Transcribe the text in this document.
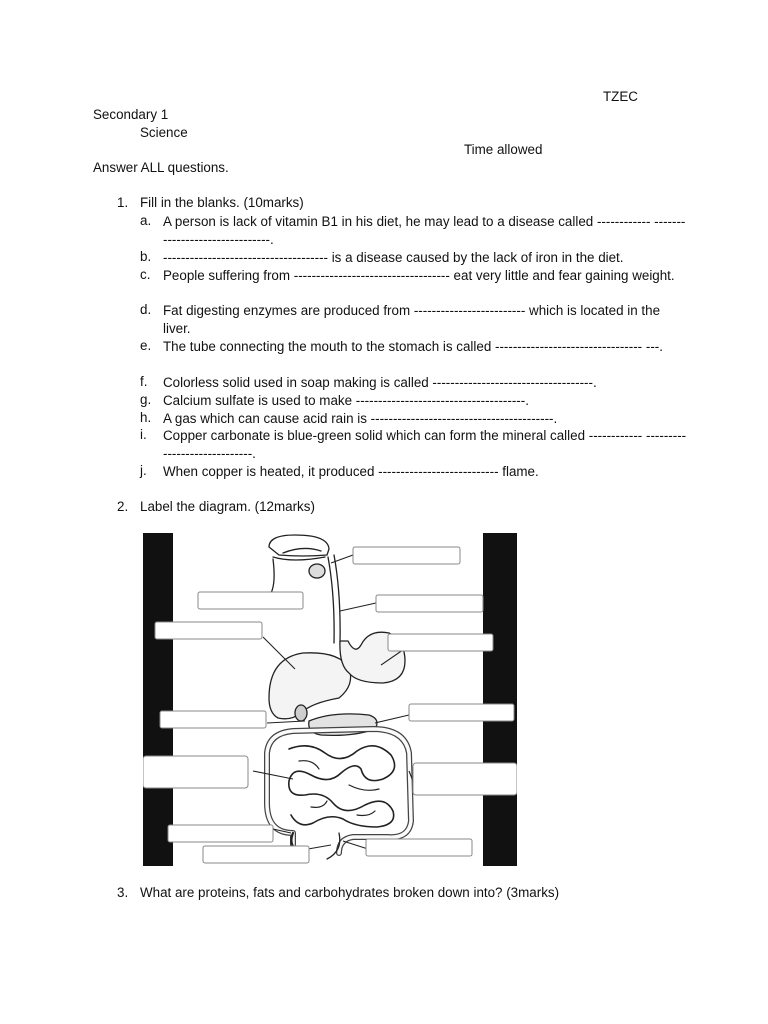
TZEC
Secondary 1
Science
Time allowed
Answer ALL questions.
1. Fill in the blanks. (10marks)
a. A person is lack of vitamin B1 in his diet, he may lead to a disease called ------------ -------------------------------.
b. ------------------------------------- is a disease caused by the lack of iron in the diet.
c. People suffering from ----------------------------------- eat very little and fear gaining weight.
d. Fat digesting enzymes are produced from ------------------------- which is located in the liver.
e. The tube connecting the mouth to the stomach is called --------------------------------- ---.
f. Colorless solid used in soap making is called ------------------------------------.
g. Calcium sulfate is used to make --------------------------------------.
h. A gas which can cause acid rain is -----------------------------------------.
i. Copper carbonate is blue-green solid which can form the mineral called ------------ -----------------------------.
j. When copper is heated, it produced --------------------------- flame.
2. Label the diagram. (12marks)
3. What are proteins, fats and carbohydrates broken down into? (3marks)
